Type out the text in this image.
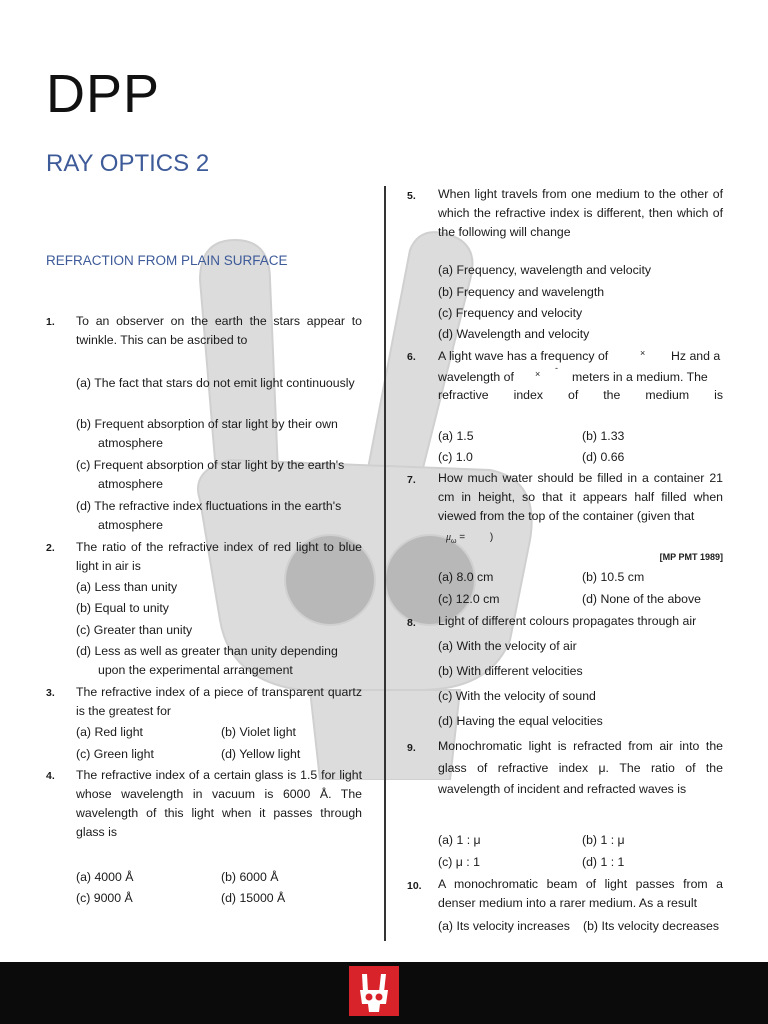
DPP
RAY OPTICS 2
REFRACTION FROM PLAIN SURFACE
1. To an observer on the earth the stars appear to twinkle. This can be ascribed to
(a) The fact that stars do not emit light continuously
(b) Frequent absorption of star light by their own atmosphere
(c) Frequent absorption of star light by the earth's atmosphere
(d) The refractive index fluctuations in the earth's atmosphere
2. The ratio of the refractive index of red light to blue light in air is
(a) Less than unity
(b) Equal to unity
(c) Greater than unity
(d) Less as well as greater than unity depending upon the experimental arrangement
3. The refractive index of a piece of transparent quartz is the greatest for
(a) Red light	(b) Violet light
(c) Green light	(d) Yellow light
4. The refractive index of a certain glass is 1.5 for light whose wavelength in vacuum is 6000 Å. The wavelength of this light when it passes through glass is
(a) 4000 Å	(b) 6000 Å
(c) 9000 Å	(d) 15000 Å
5. When light travels from one medium to the other of which the refractive index is different, then which of the following will change
(a) Frequency, wavelength and velocity
(b) Frequency and wavelength
(c) Frequency and velocity
(d) Wavelength and velocity
6. A light wave has a frequency of	× Hz and a
wavelength of ×
-
meters in a medium. The
refractive index of the medium is
(a) 1.5	(b) 1.33
(c) 1.0	(d) 0.66
7. How much water should be filled in a container 21 cm in height, so that it appears half filled when viewed from the top of the container (given that
$\mu_\omega$ = )
[MP PMT 1989]
(a) 8.0 cm	(b) 10.5 cm
(c) 12.0 cm	(d) None of the above
8. Light of different colours propagates through air
(a) With the velocity of air
(b) With different velocities
(c) With the velocity of sound
(d) Having the equal velocities
9. Monochromatic light is refracted from air into the glass of refractive index μ. The ratio of the wavelength of incident and refracted waves is
(a) 1 : μ	(b) 1 : μ
(c) μ : 1	(d) 1 : 1
10. A monochromatic beam of light passes from a denser medium into a rarer medium. As a result
(a) Its velocity increases (b) Its velocity decreases
